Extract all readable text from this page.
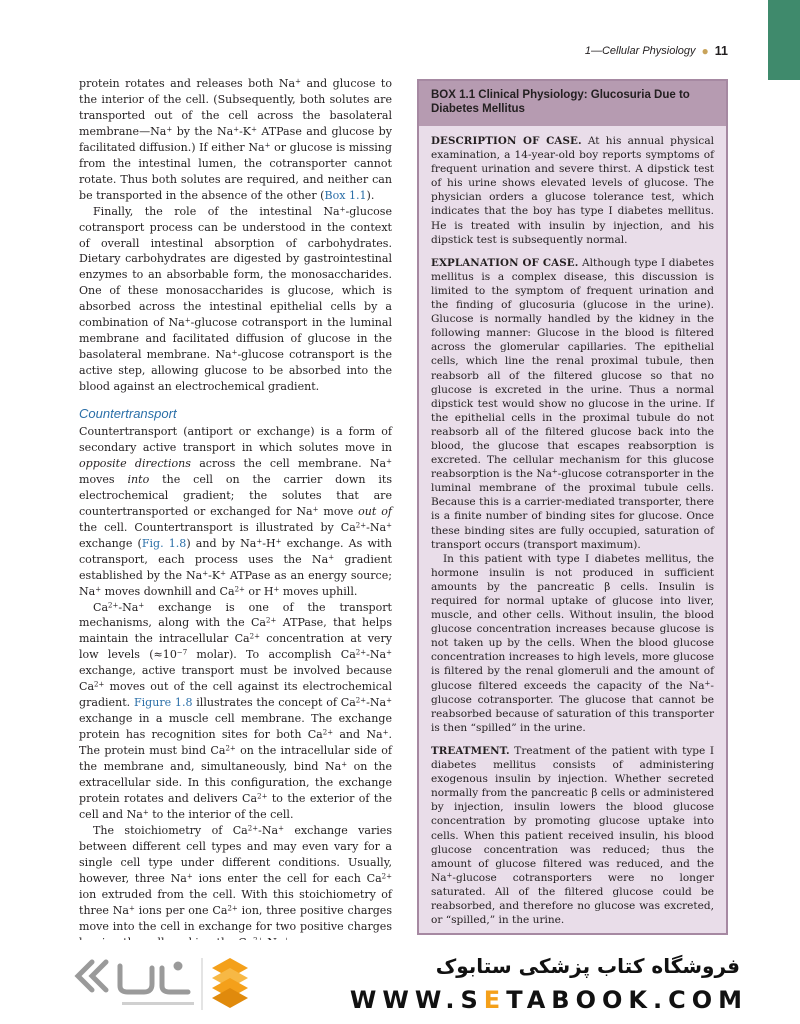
1—Cellular Physiology ● 11

protein rotates and releases both Na+ and glucose to the interior of the cell. (Subsequently, both solutes are transported out of the cell across the basolateral membrane—Na+ by the Na+-K+ ATPase and glucose by facilitated diffusion.) If either Na+ or glucose is missing from the intestinal lumen, the cotransporter cannot rotate. Thus both solutes are required, and neither can be transported in the absence of the other (Box 1.1).

Finally, the role of the intestinal Na+-glucose cotransport process can be understood in the context of overall intestinal absorption of carbohydrates. Dietary carbohydrates are digested by gastrointestinal enzymes to an absorbable form, the monosaccharides. One of these monosaccharides is glucose, which is absorbed across the intestinal epithelial cells by a combination of Na+-glucose cotransport in the luminal membrane and facilitated diffusion of glucose in the basolateral membrane. Na+-glucose cotransport is the active step, allowing glucose to be absorbed into the blood against an electrochemical gradient.

Countertransport

Countertransport (antiport or exchange) is a form of secondary active transport in which solutes move in opposite directions across the cell membrane. Na+ moves into the cell on the carrier down its electrochemical gradient; the solutes that are countertransported or exchanged for Na+ move out of the cell. Countertransport is illustrated by $Ca^{2+}-Na^+$ exchange (Fig. 1.8) and by Na+-H+ exchange. As with cotransport, each process uses the Na+ gradient established by the Na+-K+ ATPase as an energy source; Na+ moves downhill and $Ca^{2+}$ or H+ moves uphill.

$Ca^{2+}-Na^+$ exchange is one of the transport mechanisms, along with the $Ca^{2+}$ ATPase, that helps maintain the intracellular $Ca^{2+}$ concentration at very low levels ($\approx 10^{-7}$ molar). To accomplish $Ca^{2+}-Na^+$ exchange, active transport must be involved because $Ca^{2+}$ moves out of the cell against its electrochemical gradient. Figure 1.8 illustrates the concept of $Ca^{2+}-Na^+$ exchange in a muscle cell membrane. The exchange protein has recognition sites for both $Ca^{2+}$ and Na+. The protein must bind $Ca^{2+}$ on the intracellular side of the membrane and, simultaneously, bind Na+ on the extracellular side. In this configuration, the exchange protein rotates and delivers $Ca^{2+}$ to the exterior of the cell and Na+ to the interior of the cell.

The stoichiometry of $Ca^{2+}-Na^+$ exchange varies between different cell types and may even vary for a single cell type under different conditions. Usually, however, three Na+ ions enter the cell for each $Ca^{2+}$ ion extruded from the cell. With this stoichiometry of three Na+ ions per one $Ca^{2+}$ ion, three positive charges move into the cell in exchange for two positive charges

BOX 1.1 Clinical Physiology: Glucosuria Due to Diabetes Mellitus

DESCRIPTION OF CASE. At his annual physical examination, a 14-year-old boy reports symptoms of frequent urination and severe thirst. A dipstick test of his urine shows elevated levels of glucose. The physician orders a glucose tolerance test, which indicates that the boy has type I diabetes mellitus. He is treated with insulin by injection, and his dipstick test is subsequently normal.

EXPLANATION OF CASE. Although type I diabetes mellitus is a complex disease, this discussion is limited to the symptom of frequent urination and the finding of glucosuria (glucose in the urine). Glucose is normally handled by the kidney in the following manner: Glucose in the blood is filtered across the glomerular capillaries. The epithelial cells, which line the renal proximal tubule, then reabsorb all of the filtered glucose so that no glucose is excreted in the urine. Thus a normal dipstick test would show no glucose in the urine. If the epithelial cells in the proximal tubule do not reabsorb all of the filtered glucose back into the blood, the glucose that escapes reabsorption is excreted. The cellular mechanism for this glucose reabsorption is the Na+-glucose cotransporter in the luminal membrane of the proximal tubule cells. Because this is a carrier-mediated transporter, there is a finite number of binding sites for glucose. Once these binding sites are fully occupied, saturation of transport occurs (transport maximum).

In this patient with type I diabetes mellitus, the hormone insulin is not produced in sufficient amounts by the pancreatic β cells. Insulin is required for normal uptake of glucose into liver, muscle, and other cells. Without insulin, the blood glucose concentration increases because glucose is not taken up by the cells. When the blood glucose concentration increases to high levels, more glucose is filtered by the renal glomeruli and the amount of glucose filtered exceeds the capacity of the Na+-glucose cotransporter. The glucose that cannot be reabsorbed because of saturation of this transporter is then “spilled” in the urine.

TREATMENT. Treatment of the patient with type I diabetes mellitus consists of administering exogenous insulin by injection. Whether secreted normally from the pancreatic β cells or administered by injection, insulin lowers the blood glucose concentration by promoting glucose uptake into cells. When this patient received insulin, his blood glucose concentration was reduced; thus the amount of glucose filtered was reduced, and the Na+-glucose cotransporters were no longer saturated. All of the filtered glucose could be reabsorbed, and therefore no glucose was excreted, or “spilled,” in the urine.

فروشگاه کتاب پزشکی ستابوک
WWW.SETABOOK.COM
